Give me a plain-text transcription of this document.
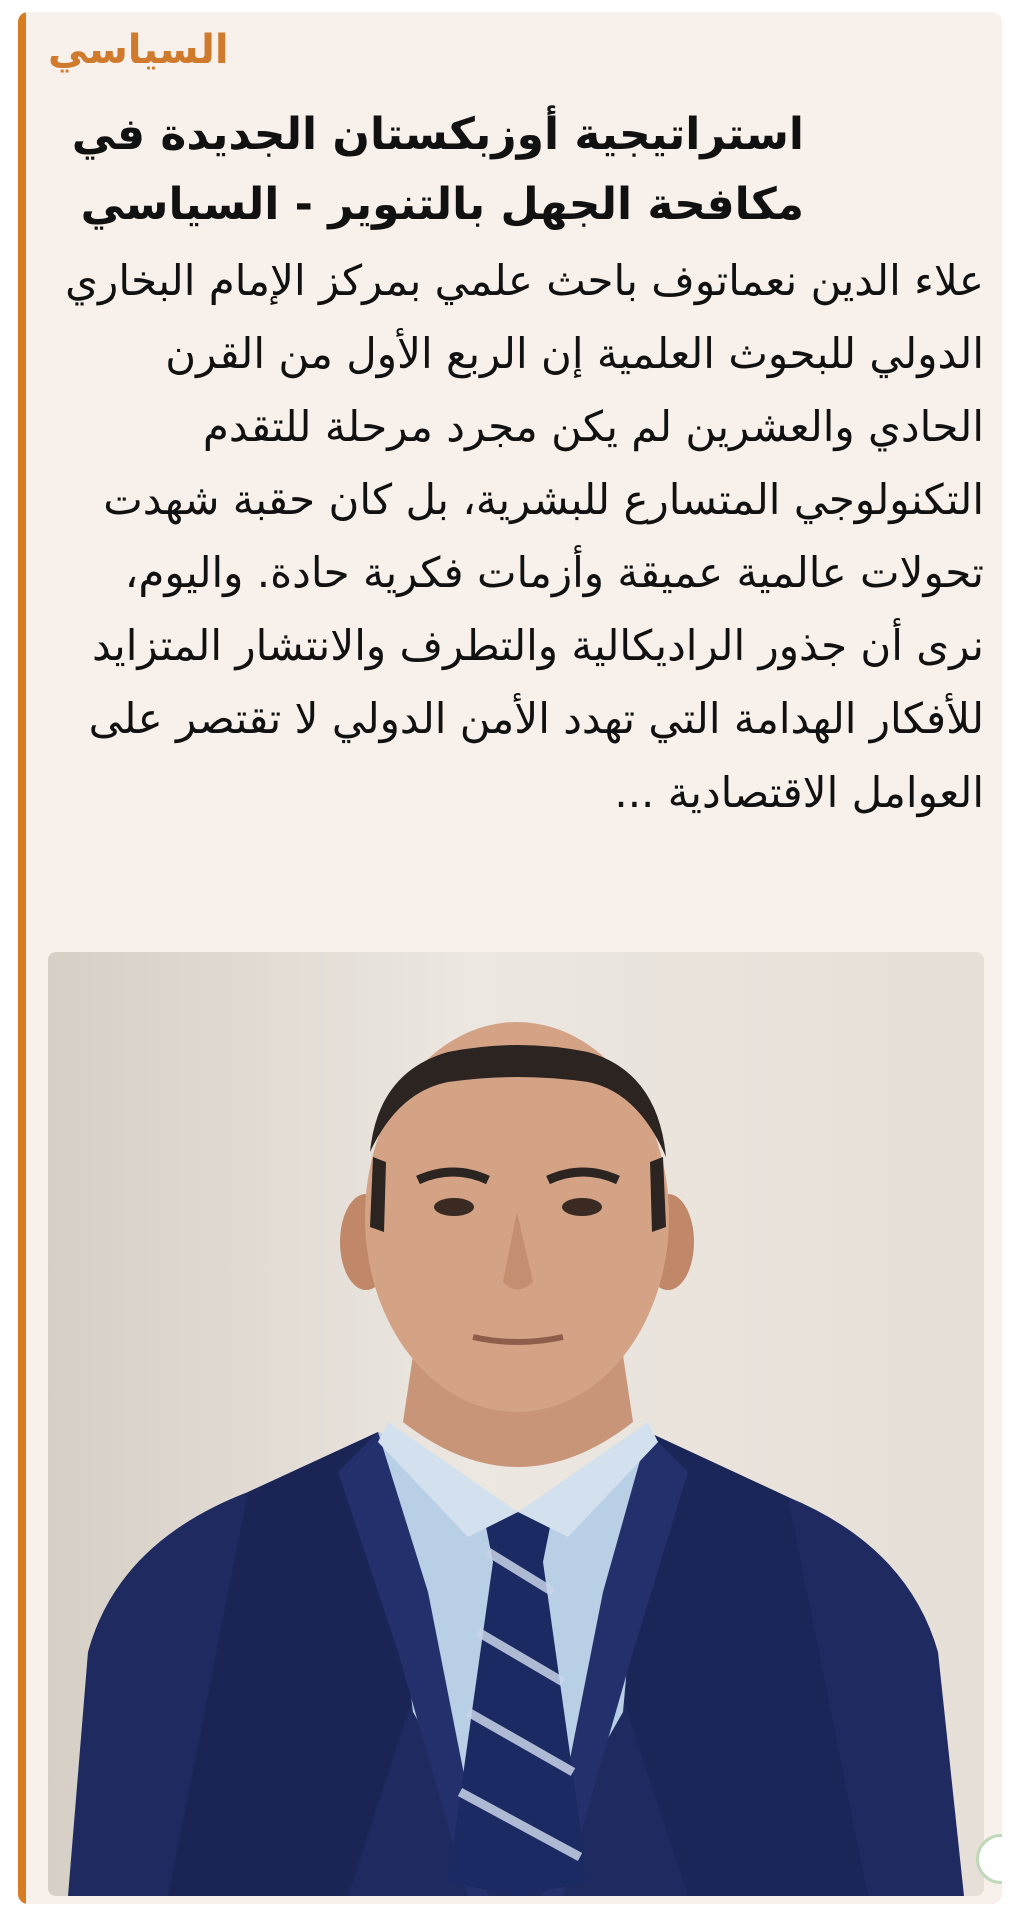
السياسي
استراتيجية أوزبكستان الجديدة في مكافحة الجهل بالتنوير - السياسي
علاء الدين نعماتوف باحث علمي بمركز الإمام البخاري الدولي للبحوث العلمية إن الربع الأول من القرن الحادي والعشرين لم يكن مجرد مرحلة للتقدم التكنولوجي المتسارع للبشرية، بل كان حقبة شهدت تحولات عالمية عميقة وأزمات فكرية حادة. واليوم، نرى أن جذور الراديكالية والتطرف والانتشار المتزايد للأفكار الهدامة التي تهدد الأمن الدولي لا تقتصر على العوامل الاقتصادية ...
